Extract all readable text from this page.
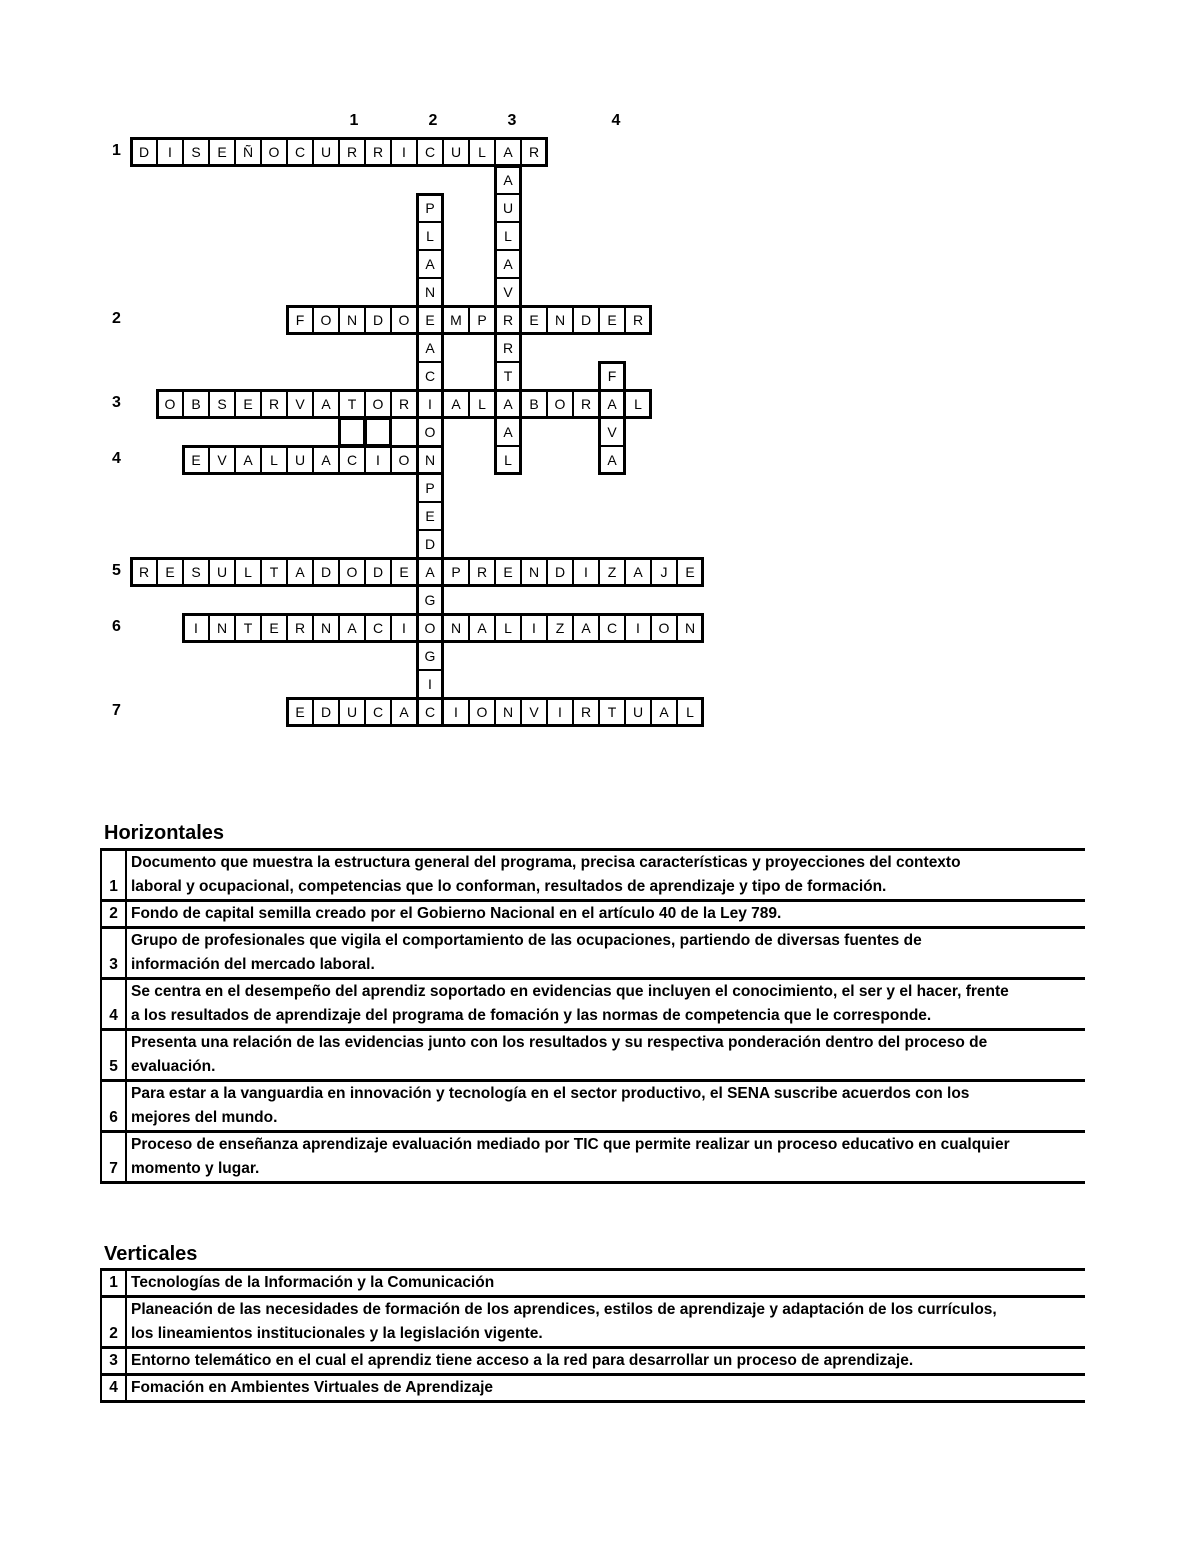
D	I	S	E	Ñ	O	C	U	R	R	I	C	U	L	A	R
F	O	N	D	O	E	M	P	R	E	N	D	E	R
O	B	S	E	R	V	A	T	O	R	I	A	L	A	B	O	R	A	L
E	V	A	L	U	A	C	I	O	N
R	E	S	U	L	T	A	D	O	D	E	A	P	R	E	N	D	I	Z	A	J	E
I	N	T	E	R	N	A	C	I	O	N	A	L	I	Z	A	C	I	O	N
E	D	U	C	A	C	I	O	N	V	I	R	T	U	A	L
P
L
A
N
A
C
O
P
E
D
G
G
I
A
U
L
A
V
R
T
A
L
F
V
A
1	2	3	4
1
2
3
4
5
6
7
Horizontales
1	Documento que muestra la estructura general del programa, precisa características y proyecciones del contexto
laboral y ocupacional, competencias que lo conforman, resultados de aprendizaje y tipo de formación.

2	Fondo de capital semilla creado por el Gobierno Nacional en el artículo 40 de la Ley 789.

3	Grupo de profesionales que vigila el comportamiento de las ocupaciones, partiendo de diversas fuentes de
información del mercado laboral.

4	Se centra en el desempeño del aprendiz soportado en evidencias que incluyen el conocimiento, el ser y el hacer, frente
a los resultados de aprendizaje del programa de fomación y las normas de competencia que le corresponde.

5	Presenta una relación de las evidencias junto con los resultados y su respectiva ponderación dentro del proceso de
evaluación.

6	Para estar a la vanguardia en innovación y tecnología en el sector productivo, el SENA suscribe acuerdos con los
mejores del mundo.

7	Proceso de enseñanza aprendizaje evaluación mediado por TIC que permite realizar un proceso educativo en cualquier
momento y lugar.
Verticales
1	Tecnologías de la Información y la Comunicación

2	Planeación de las necesidades de formación de los aprendices, estilos de aprendizaje y adaptación de los currículos,
los lineamientos institucionales y la legislación vigente.

3	Entorno telemático en el cual el aprendiz tiene acceso a la red para desarrollar un proceso de aprendizaje.

4	Fomación en Ambientes Virtuales de Aprendizaje
